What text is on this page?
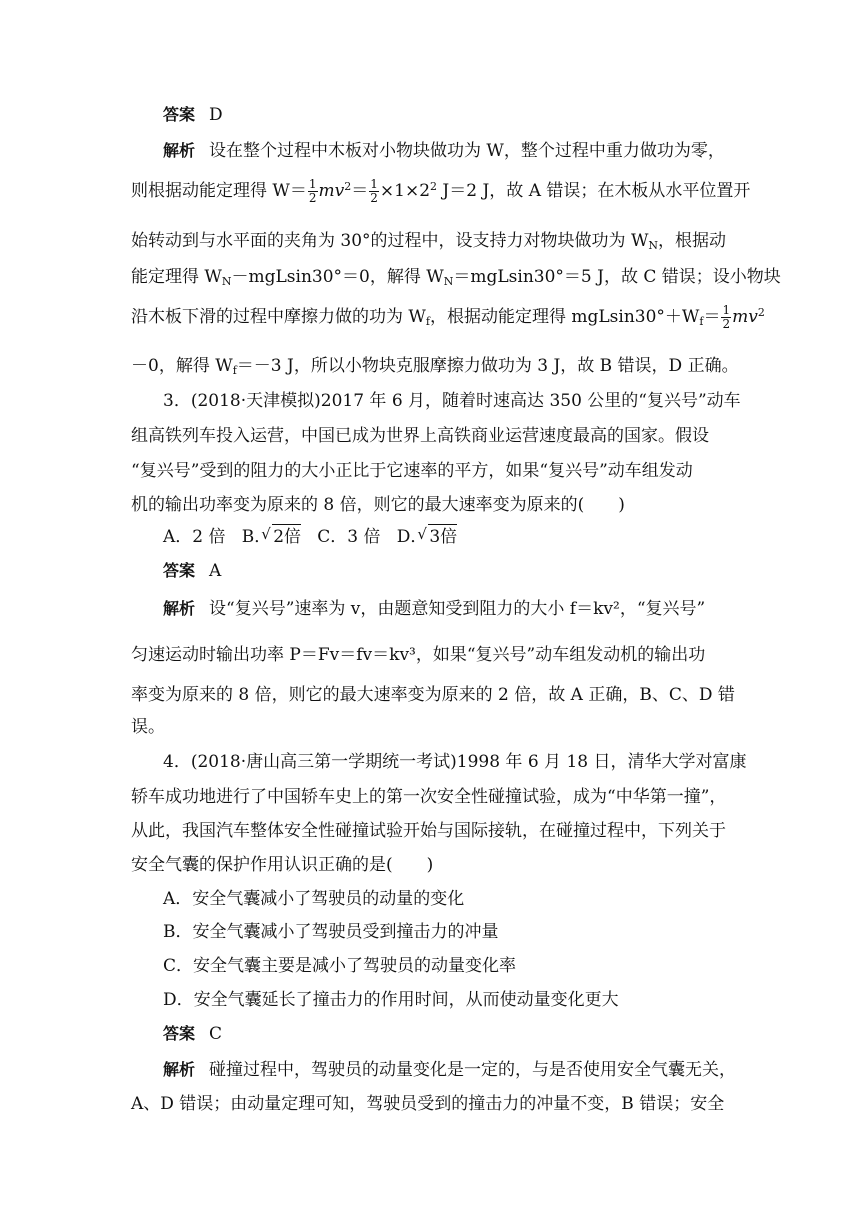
答案 D
解析 设在整个过程中木板对小物块做功为 W，整个过程中重力做功为零，
则根据动能定理得 $W= \frac{1}{2} mv^2= \frac{1}{2} \times 1\times 2^2$ J＝2 J，故 A 错误；在木板从水平位置开
始转动到与水平面的夹角为 30°的过程中，设支持力对物块做功为 $W_N$，根据动
能定理得 $W_N-mgLsin30^\circ=0$，解得 $W_N=mgLsin30^\circ=5$ J，故 C 错误；设小物块
沿木板下滑的过程中摩擦力做的功为 $W_f$，根据动能定理得 $mgLsin30^\circ+W_f= \frac{1}{2} mv^2$
－0，解得 $W_f=-3$ J，所以小物块克服摩擦力做功为 3 J，故 B 错误，D 正确。
3．(2018·天津模拟)2017 年 6 月，随着时速高达 350 公里的“复兴号”动车
组高铁列车投入运营，中国已成为世界上高铁商业运营速度最高的国家。假设
“复兴号”受到的阻力的大小正比于它速率的平方，如果“复兴号”动车组发动
机的输出功率变为原来的 8 倍，则它的最大速率变为原来的(　　)
A．2 倍 B． √ 2倍 C．3 倍 D． √ 3倍
答案 A
解析 设“复兴号”速率为 v，由题意知受到阻力的大小 f＝kv²，“复兴号”
匀速运动时输出功率 P＝Fv＝fv＝kv³，如果“复兴号”动车组发动机的输出功
率变为原来的 8 倍，则它的最大速率变为原来的 2 倍，故 A 正确，B、C、D 错
误。
4．(2018·唐山高三第一学期统一考试)1998 年 6 月 18 日，清华大学对富康
轿车成功地进行了中国轿车史上的第一次安全性碰撞试验，成为“中华第一撞”，
从此，我国汽车整体安全性碰撞试验开始与国际接轨，在碰撞过程中，下列关于
安全气囊的保护作用认识正确的是(　　)
A．安全气囊减小了驾驶员的动量的变化
B．安全气囊减小了驾驶员受到撞击力的冲量
C．安全气囊主要是减小了驾驶员的动量变化率
D．安全气囊延长了撞击力的作用时间，从而使动量变化更大
答案 C
解析 碰撞过程中，驾驶员的动量变化是一定的，与是否使用安全气囊无关，
A、D 错误；由动量定理可知，驾驶员受到的撞击力的冲量不变，B 错误；安全
